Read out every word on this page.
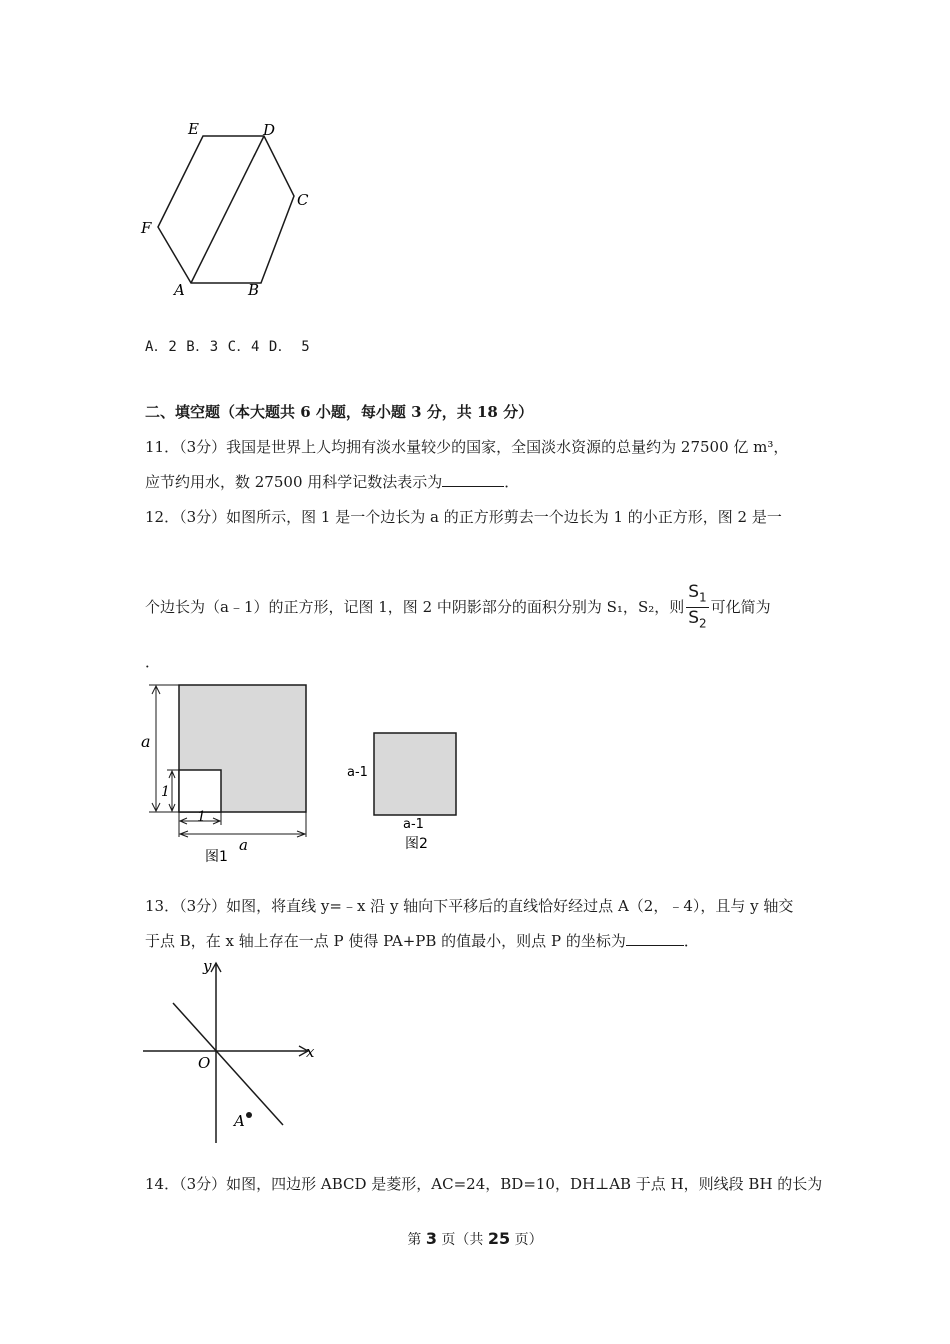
E	D
C
F
A	B
A．2 B．3 C．4 D． 5
二、填空题（本大题共 6 小题，每小题 3 分，共 18 分）
11．（3分）我国是世界上人均拥有淡水量较少的国家，全国淡水资源的总量约为 27500 亿 m³，
应节约用水，数 27500 用科学记数法表示为	．
12．（3分）如图所示，图 1 是一个边长为 a 的正方形剪去一个边长为 1 的小正方形，图 2 是一
个边长为（a﹣1）的正方形，记图 1，图 2 中阴影部分的面积分别为 S₁，S₂，则 $\frac{S_1}{S_2}$ 可化简为
．
a
1
1
a
图1
a-1
a-1
图2
13．（3分）如图，将直线 y=﹣x 沿 y 轴向下平移后的直线恰好经过点 A（2，﹣4），且与 y 轴交
于点 B，在 x 轴上存在一点 P 使得 PA+PB 的值最小，则点 P 的坐标为	．
y
x
O
A
14．（3分）如图，四边形 ABCD 是菱形，AC=24，BD=10，DH⊥AB 于点 H，则线段 BH 的长为
第 3 页（共 25 页）
